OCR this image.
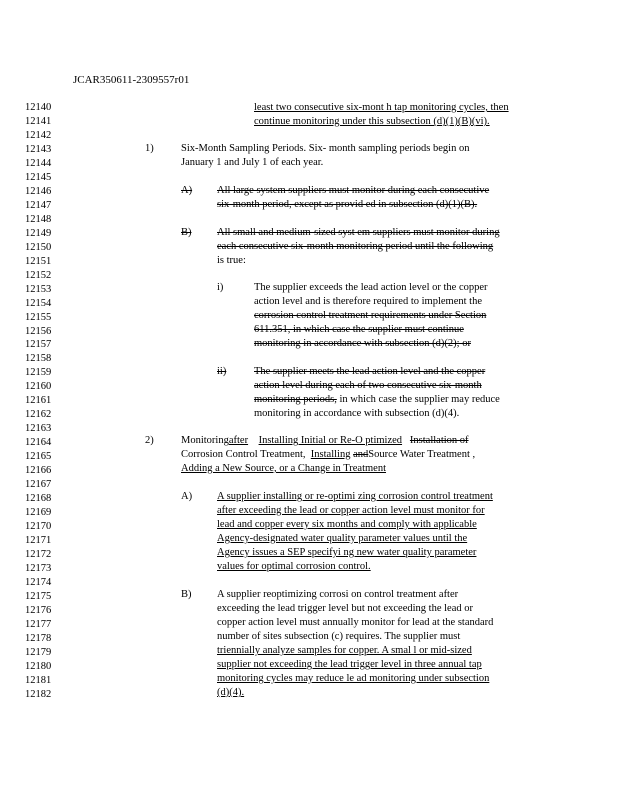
JCAR350611-2309557r01
12140
12141
12142
12143
12144
12145
12146
12147
12148
12149
12150
12151
12152
12153
12154
12155
12156
12157
12158
12159
12160
12161
12162
12163
12164
12165
12166
12167
12168
12169
12170
12171
12172
12173
12174
12175
12176
12177
12178
12179
12180
12181
12182
1)
A)
B)
i)
ii)
2)
A)
B)
least two consecutive six-mont h tap monitoring cycles, then
continue monitoring under this subsection (d)(1)(B)(vi).
Six-Month Sampling Periods. Six- month sampling periods begin on
January 1 and July 1 of each year.
All large system suppliers must monitor during each consecutive
six-month period, except as provid ed in subsection (d)(1)(B).
All small and medium-sized syst em suppliers must monitor during
each consecutive six-month monitoring period until the following
is true:
The supplier exceeds the lead action level or the copper
action level and is therefore required to implement the
corrosion control treatment requirements under Section
611.351, in which case the supplier must continue
monitoring in accordance with subsection (d)(2); or
The supplier meets the lead action level and the copper
action level during each of two consecutive six-month
monitoring periods, in which case the supplier may reduce
monitoring in accordance with subsection (d)(4).
Monitoringafter Installing Initial or Re-O ptimized Installation of
Corrosion Control Treatment, Installing andSource Water Treatment ,
Adding a New Source, or a Change in Treatment
A supplier installing or re-optimi zing corrosion control treatment
after exceeding the lead or copper action level must monitor for
lead and copper every six months and comply with applicable
Agency-designated water quality parameter values until the
Agency issues a SEP specifyi ng new water quality parameter
values for optimal corrosion control.
A supplier reoptimizing corrosi on control treatment after
exceeding the lead trigger level but not exceeding the lead or
copper action level must annually monitor for lead at the standard
number of sites subsection (c) requires. The supplier must
triennially analyze samples for copper. A smal l or mid-sized
supplier not exceeding the lead trigger level in three annual tap
monitoring cycles may reduce le ad monitoring under subsection
(d)(4).
